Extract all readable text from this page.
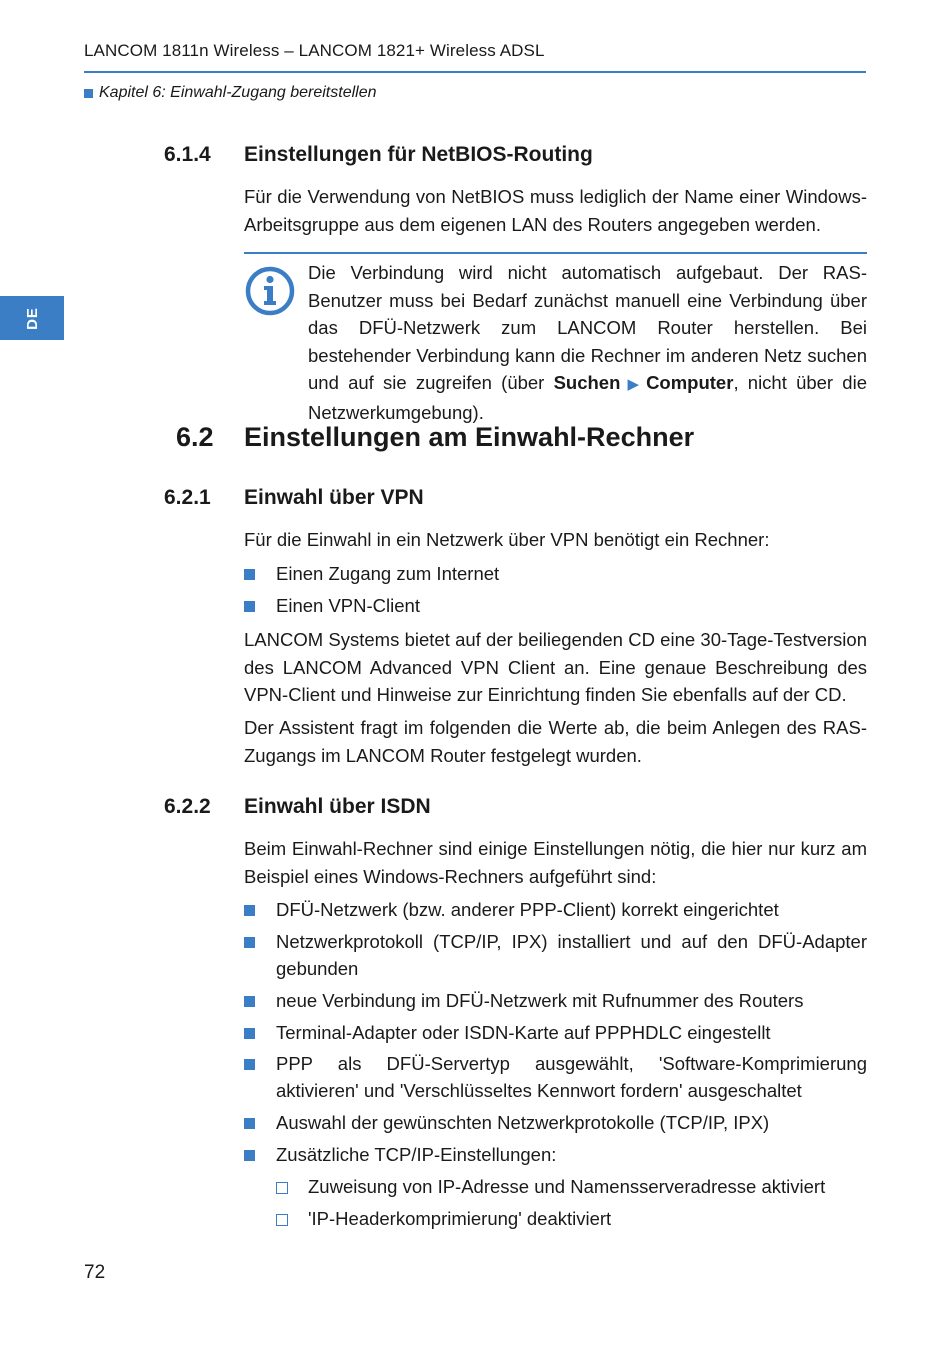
LANCOM 1811n Wireless – LANCOM 1821+ Wireless ADSL
Kapitel 6: Einwahl-Zugang bereitstellen
DE
6.1.4 Einstellungen für NetBIOS-Routing
Für die Verwendung von NetBIOS muss lediglich der Name einer Windows-Arbeitsgruppe aus dem eigenen LAN des Routers angegeben werden.
Die Verbindung wird nicht automatisch aufgebaut. Der RAS-Benutzer muss bei Bedarf zunächst manuell eine Verbindung über das DFÜ-Netzwerk zum LANCOM Router herstellen. Bei bestehender Verbindung kann die Rechner im anderen Netz suchen und auf sie zugreifen (über Suchen ▶ Computer, nicht über die Netzwerkumgebung).
6.2 Einstellungen am Einwahl-Rechner
6.2.1 Einwahl über VPN
Für die Einwahl in ein Netzwerk über VPN benötigt ein Rechner:
Einen Zugang zum Internet
Einen VPN-Client
LANCOM Systems bietet auf der beiliegenden CD eine 30-Tage-Testversion des LANCOM Advanced VPN Client an. Eine genaue Beschreibung des VPN-Client und Hinweise zur Einrichtung finden Sie ebenfalls auf der CD.
Der Assistent fragt im folgenden die Werte ab, die beim Anlegen des RAS-Zugangs im LANCOM Router festgelegt wurden.
6.2.2 Einwahl über ISDN
Beim Einwahl-Rechner sind einige Einstellungen nötig, die hier nur kurz am Beispiel eines Windows-Rechners aufgeführt sind:
DFÜ-Netzwerk (bzw. anderer PPP-Client) korrekt eingerichtet
Netzwerkprotokoll (TCP/IP, IPX) installiert und auf den DFÜ-Adapter gebunden
neue Verbindung im DFÜ-Netzwerk mit Rufnummer des Routers
Terminal-Adapter oder ISDN-Karte auf PPPHDLC eingestellt
PPP als DFÜ-Servertyp ausgewählt, 'Software-Komprimierung aktivieren' und 'Verschlüsseltes Kennwort fordern' ausgeschaltet
Auswahl der gewünschten Netzwerkprotokolle (TCP/IP, IPX)
Zusätzliche TCP/IP-Einstellungen:
Zuweisung von IP-Adresse und Namensserveradresse aktiviert
'IP-Headerkomprimierung' deaktiviert
72
